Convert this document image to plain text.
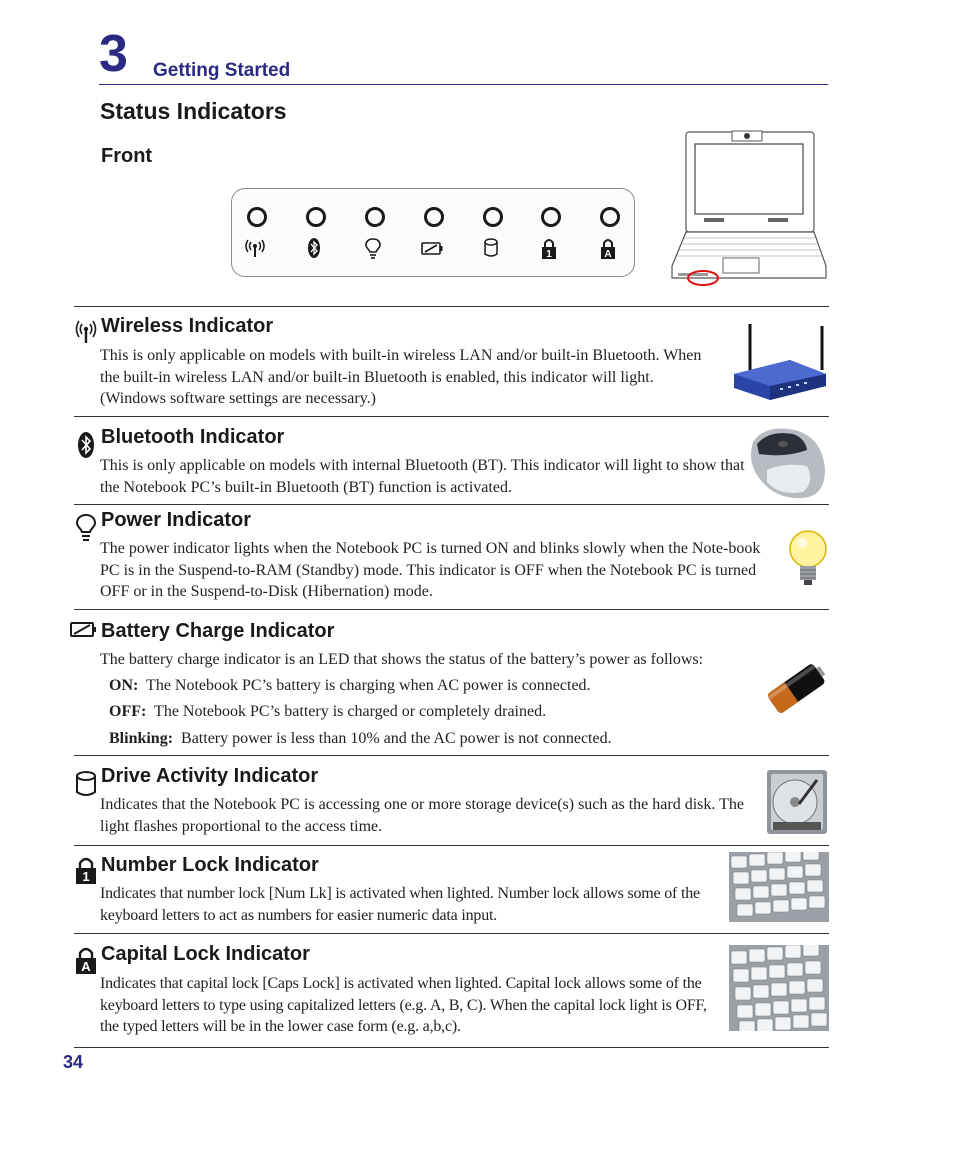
3 Getting Started
Status Indicators
Front
1	A
Wireless Indicator
This is only applicable on models with built-in wireless LAN and/or built-in Bluetooth. When the built-in wireless LAN and/or built-in Bluetooth is enabled, this indicator will light. (Windows software settings are necessary.)
Bluetooth Indicator
This is only applicable on models with internal Bluetooth (BT). This indicator will light to show that the Notebook PC’s built-in Bluetooth (BT) function is activated.
Power Indicator
The power indicator lights when the Notebook PC is turned ON and blinks slowly when the Note-book PC is in the Suspend-to-RAM (Standby) mode. This indicator is OFF when the Notebook PC is turned OFF or in the Suspend-to-Disk (Hibernation) mode.
Battery Charge Indicator
The battery charge indicator is an LED that shows the status of the battery’s power as follows:
ON: The Notebook PC’s battery is charging when AC power is connected.
OFF: The Notebook PC’s battery is charged or completely drained.
Blinking: Battery power is less than 10% and the AC power is not connected.
Drive Activity Indicator
Indicates that the Notebook PC is accessing one or more storage device(s) such as the hard disk. The light flashes proportional to the access time.
1
Number Lock Indicator
Indicates that number lock [Num Lk] is activated when lighted. Number lock allows some of the keyboard letters to act as numbers for easier numeric data input.
A
Capital Lock Indicator
Indicates that capital lock [Caps Lock] is activated when lighted. Capital lock allows some of the keyboard letters to type using capitalized letters (e.g. A, B, C). When the capital lock light is OFF, the typed letters will be in the lower case form (e.g. a,b,c).
34
